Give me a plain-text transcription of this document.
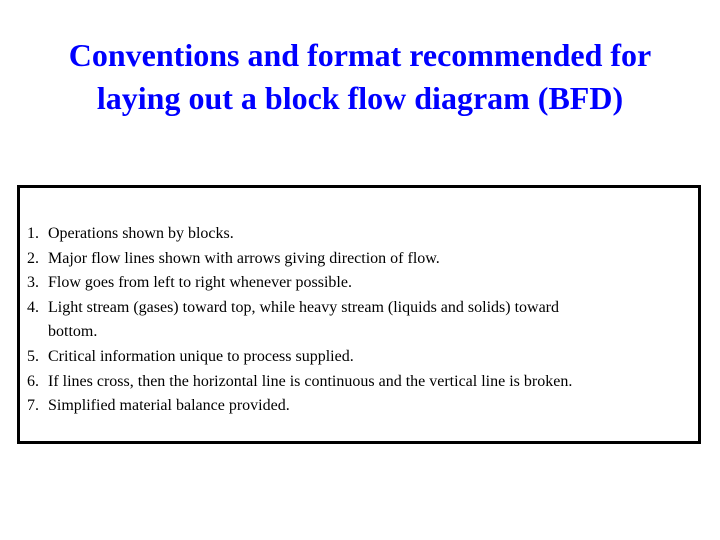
Conventions and format recommended for
laying out a block flow diagram (BFD)
1. Operations shown by blocks.
2. Major flow lines shown with arrows giving direction of flow.
3. Flow goes from left to right whenever possible.
4. Light stream (gases) toward top, while heavy stream (liquids and solids) toward
bottom.
5. Critical information unique to process supplied.
6. If lines cross, then the horizontal line is continuous and the vertical line is broken.
7. Simplified material balance provided.
